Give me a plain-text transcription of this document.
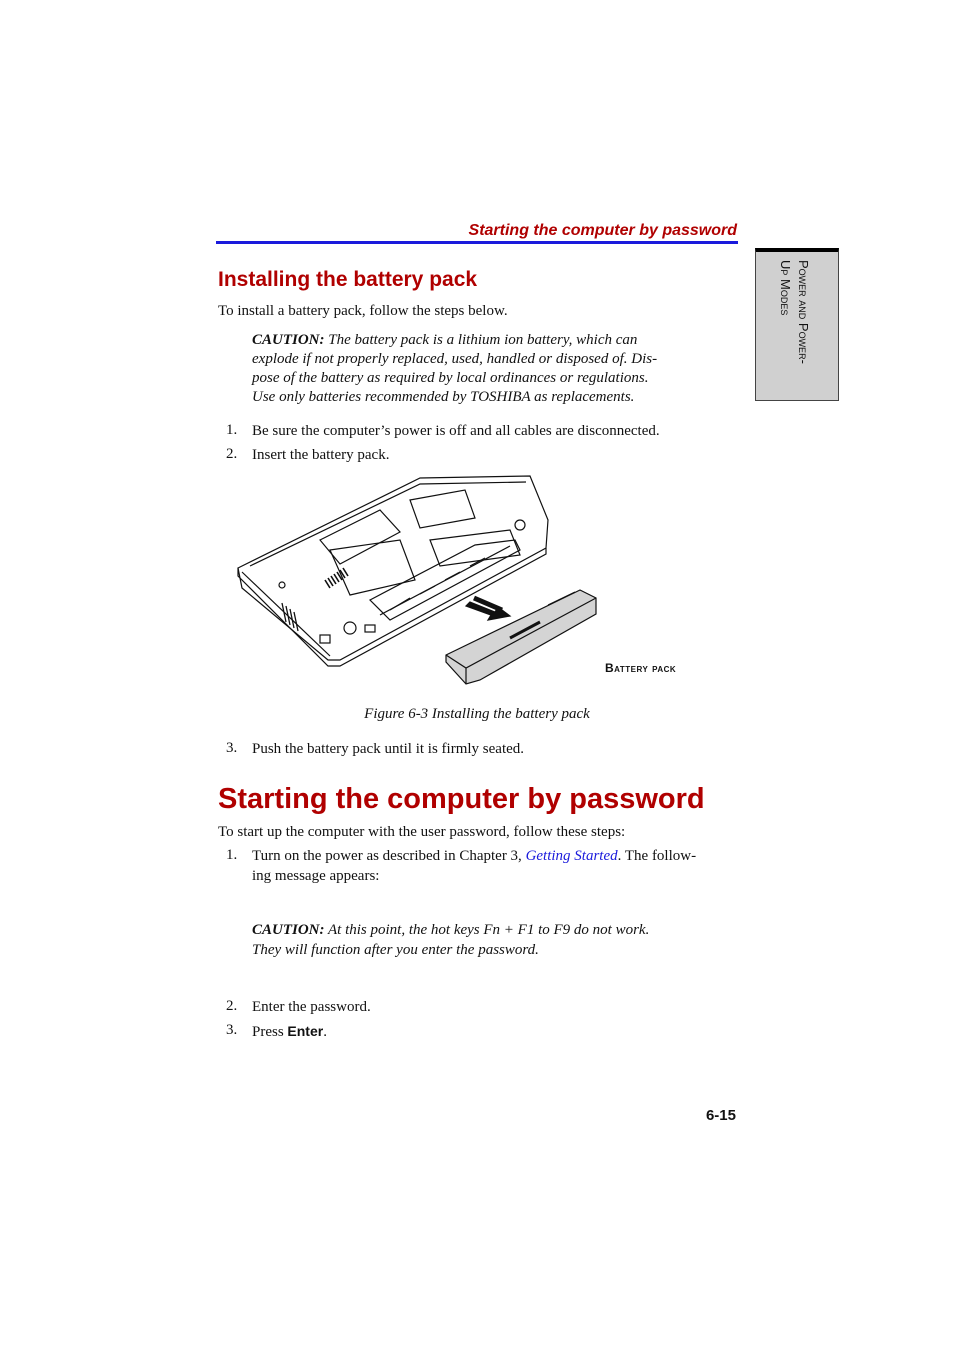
Starting the computer by password
Power and Power-
Up Modes
Installing the battery pack
To install a battery pack, follow the steps below.
CAUTION: The battery pack is a lithium ion battery, which can
explode if not properly replaced, used, handled or disposed of. Dis-
pose of the battery as required by local ordinances or regulations.
Use only batteries recommended by TOSHIBA as replacements.
1. Be sure the computer’s power is off and all cables are disconnected.
2. Insert the battery pack.
Battery pack
Figure 6-3 Installing the battery pack
3. Push the battery pack until it is firmly seated.
Starting the computer by password
To start up the computer with the user password, follow these steps:
1. Turn on the power as described in Chapter 3, Getting Started. The follow-
ing message appears:
CAUTION: At this point, the hot keys Fn + F1 to F9 do not work.
They will function after you enter the password.
2. Enter the password.
3. Press Enter.
6-15
